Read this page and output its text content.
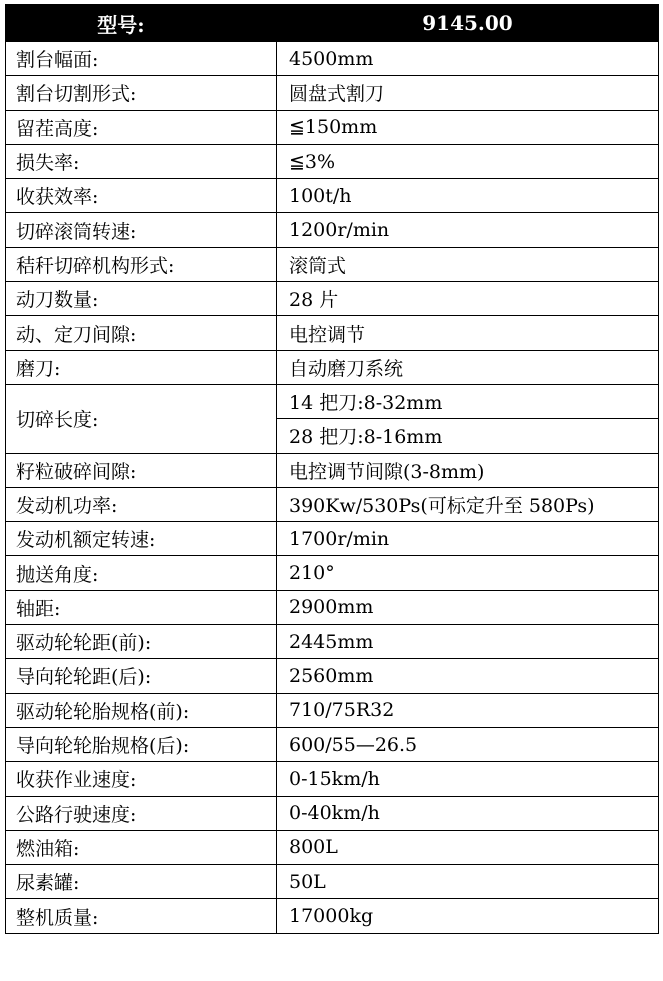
型号:	9145.00
割台幅面:	4500mm
割台切割形式:	圆盘式割刀
留茬高度:	≦150mm
损失率:	≦3%
收获效率:	100t/h
切碎滚筒转速:	1200r/min
秸秆切碎机构形式:	滚筒式
动刀数量:	28 片
动、定刀间隙:	电控调节
磨刀:	自动磨刀系统
切碎长度:	14 把刀:8-32mm
	28 把刀:8-16mm
籽粒破碎间隙:	电控调节间隙(3-8mm)
发动机功率:	390Kw/530Ps(可标定升至 580Ps)
发动机额定转速:	1700r/min
抛送角度:	210°
轴距:	2900mm
驱动轮轮距(前):	2445mm
导向轮轮距(后):	2560mm
驱动轮轮胎规格(前):	710/75R32
导向轮轮胎规格(后):	600/55—26.5
收获作业速度:	0-15km/h
公路行驶速度:	0-40km/h
燃油箱:	800L
尿素罐:	50L
整机质量:	17000kg
